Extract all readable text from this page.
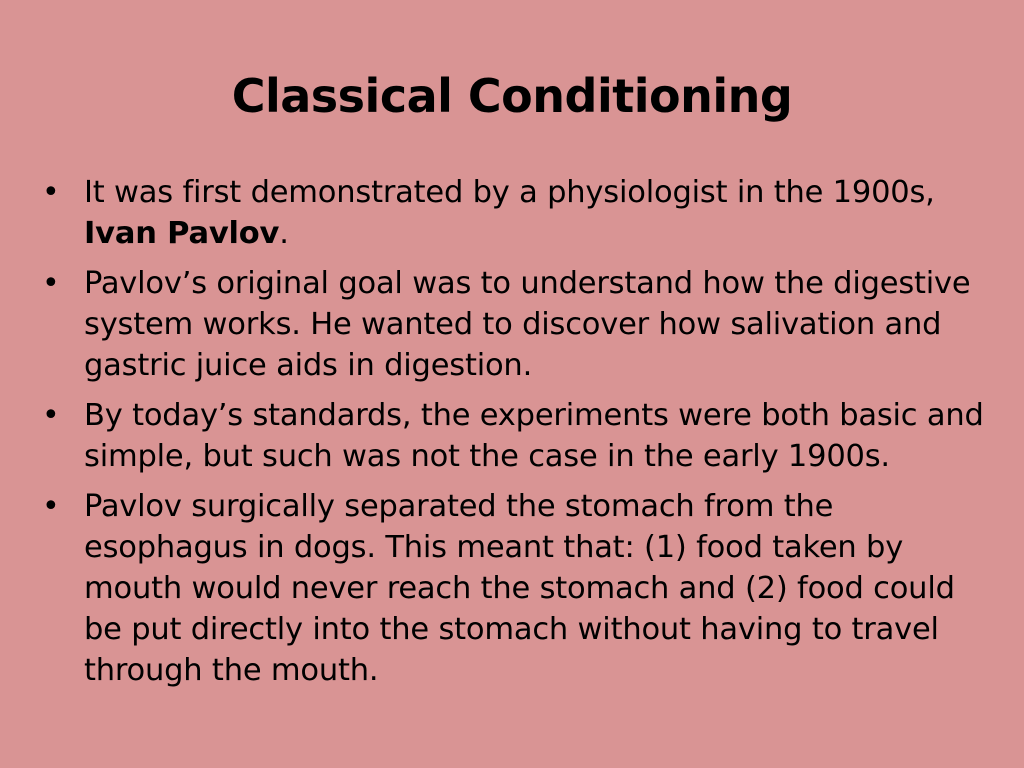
Classical Conditioning
• It was first demonstrated by a physiologist in the 1900s, Ivan Pavlov.
• Pavlov’s original goal was to understand how the digestive system works. He wanted to discover how salivation and gastric juice aids in digestion.
• By today’s standards, the experiments were both basic and simple, but such was not the case in the early 1900s.
• Pavlov surgically separated the stomach from the esophagus in dogs. This meant that: (1) food taken by mouth would never reach the stomach and (2) food could be put directly into the stomach without having to travel through the mouth.
